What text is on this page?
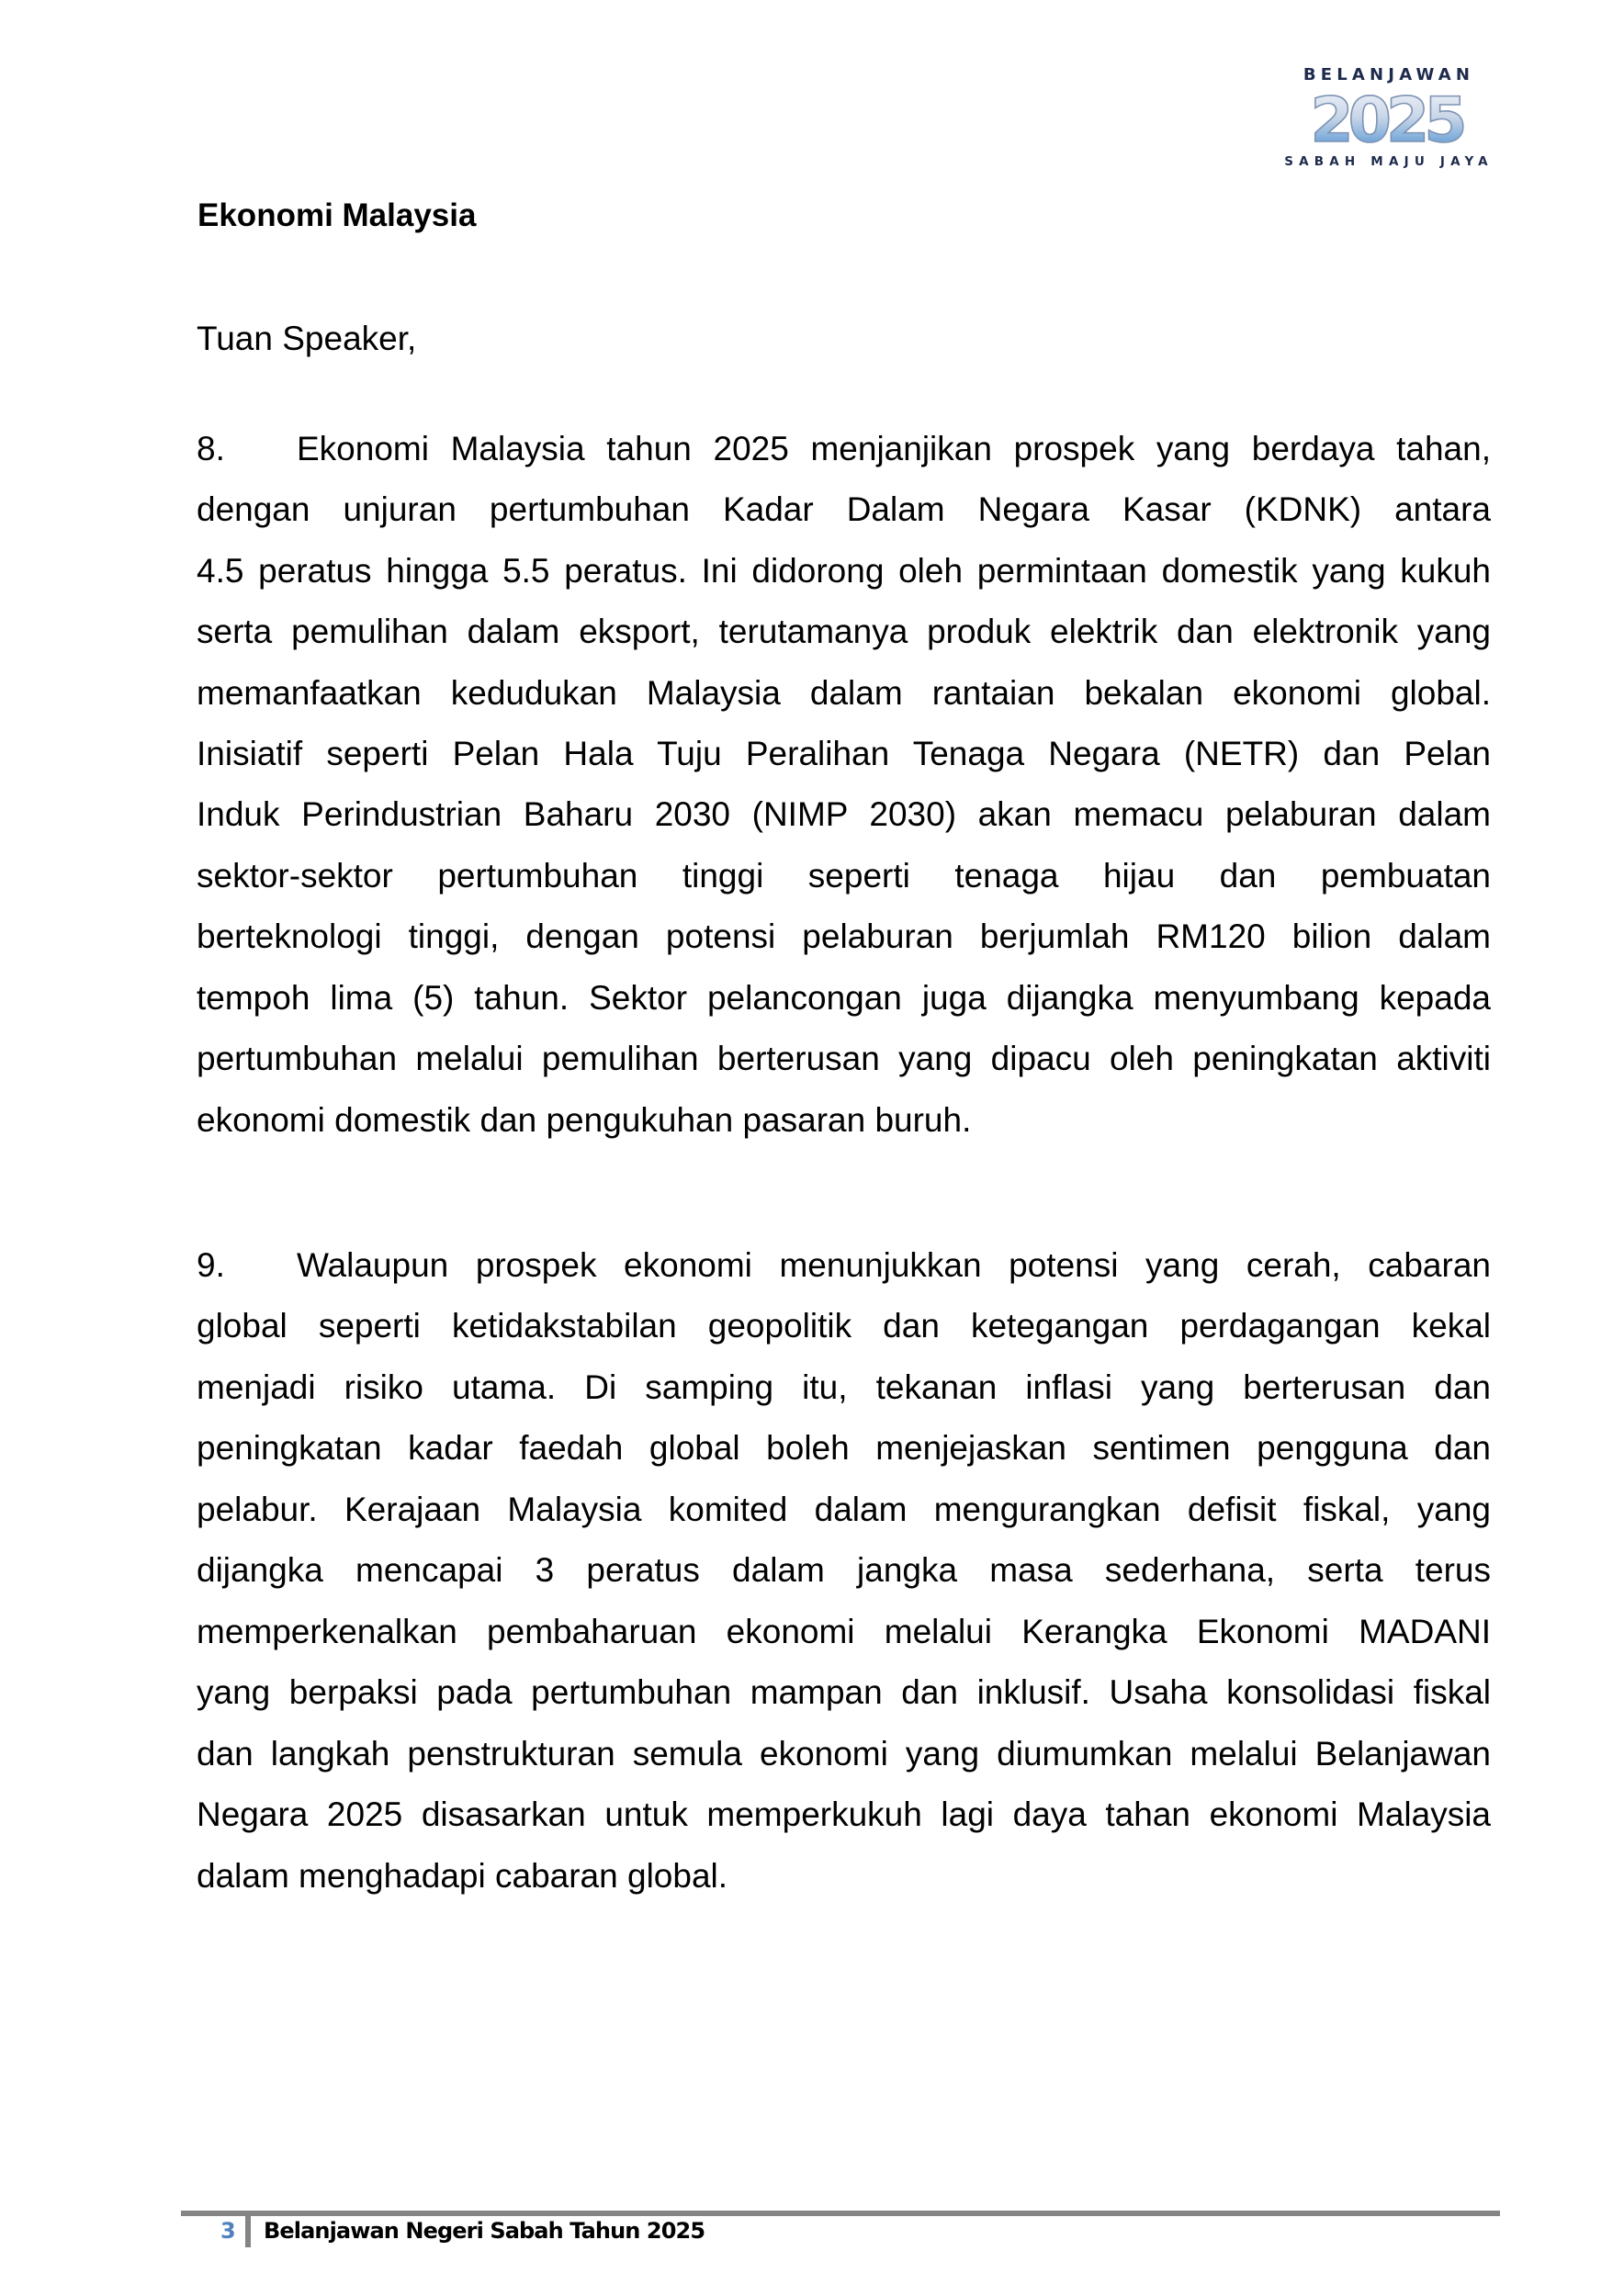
BELANJAWAN
2025
SABAH MAJU JAYA
Ekonomi Malaysia
Tuan Speaker,
8. Ekonomi Malaysia tahun 2025 menjanjikan prospek yang berdaya tahan,
dengan unjuran pertumbuhan Kadar Dalam Negara Kasar (KDNK) antara
4.5 peratus hingga 5.5 peratus. Ini didorong oleh permintaan domestik yang kukuh
serta pemulihan dalam eksport, terutamanya produk elektrik dan elektronik yang
memanfaatkan kedudukan Malaysia dalam rantaian bekalan ekonomi global.
Inisiatif seperti Pelan Hala Tuju Peralihan Tenaga Negara (NETR) dan Pelan
Induk Perindustrian Baharu 2030 (NIMP 2030) akan memacu pelaburan dalam
sektor-sektor pertumbuhan tinggi seperti tenaga hijau dan pembuatan
berteknologi tinggi, dengan potensi pelaburan berjumlah RM120 bilion dalam
tempoh lima (5) tahun. Sektor pelancongan juga dijangka menyumbang kepada
pertumbuhan melalui pemulihan berterusan yang dipacu oleh peningkatan aktiviti
ekonomi domestik dan pengukuhan pasaran buruh.
9. Walaupun prospek ekonomi menunjukkan potensi yang cerah, cabaran
global seperti ketidakstabilan geopolitik dan ketegangan perdagangan kekal
menjadi risiko utama. Di samping itu, tekanan inflasi yang berterusan dan
peningkatan kadar faedah global boleh menjejaskan sentimen pengguna dan
pelabur. Kerajaan Malaysia komited dalam mengurangkan defisit fiskal, yang
dijangka mencapai 3 peratus dalam jangka masa sederhana, serta terus
memperkenalkan pembaharuan ekonomi melalui Kerangka Ekonomi MADANI
yang berpaksi pada pertumbuhan mampan dan inklusif. Usaha konsolidasi fiskal
dan langkah penstrukturan semula ekonomi yang diumumkan melalui Belanjawan
Negara 2025 disasarkan untuk memperkukuh lagi daya tahan ekonomi Malaysia
dalam menghadapi cabaran global.
3 Belanjawan Negeri Sabah Tahun 2025
